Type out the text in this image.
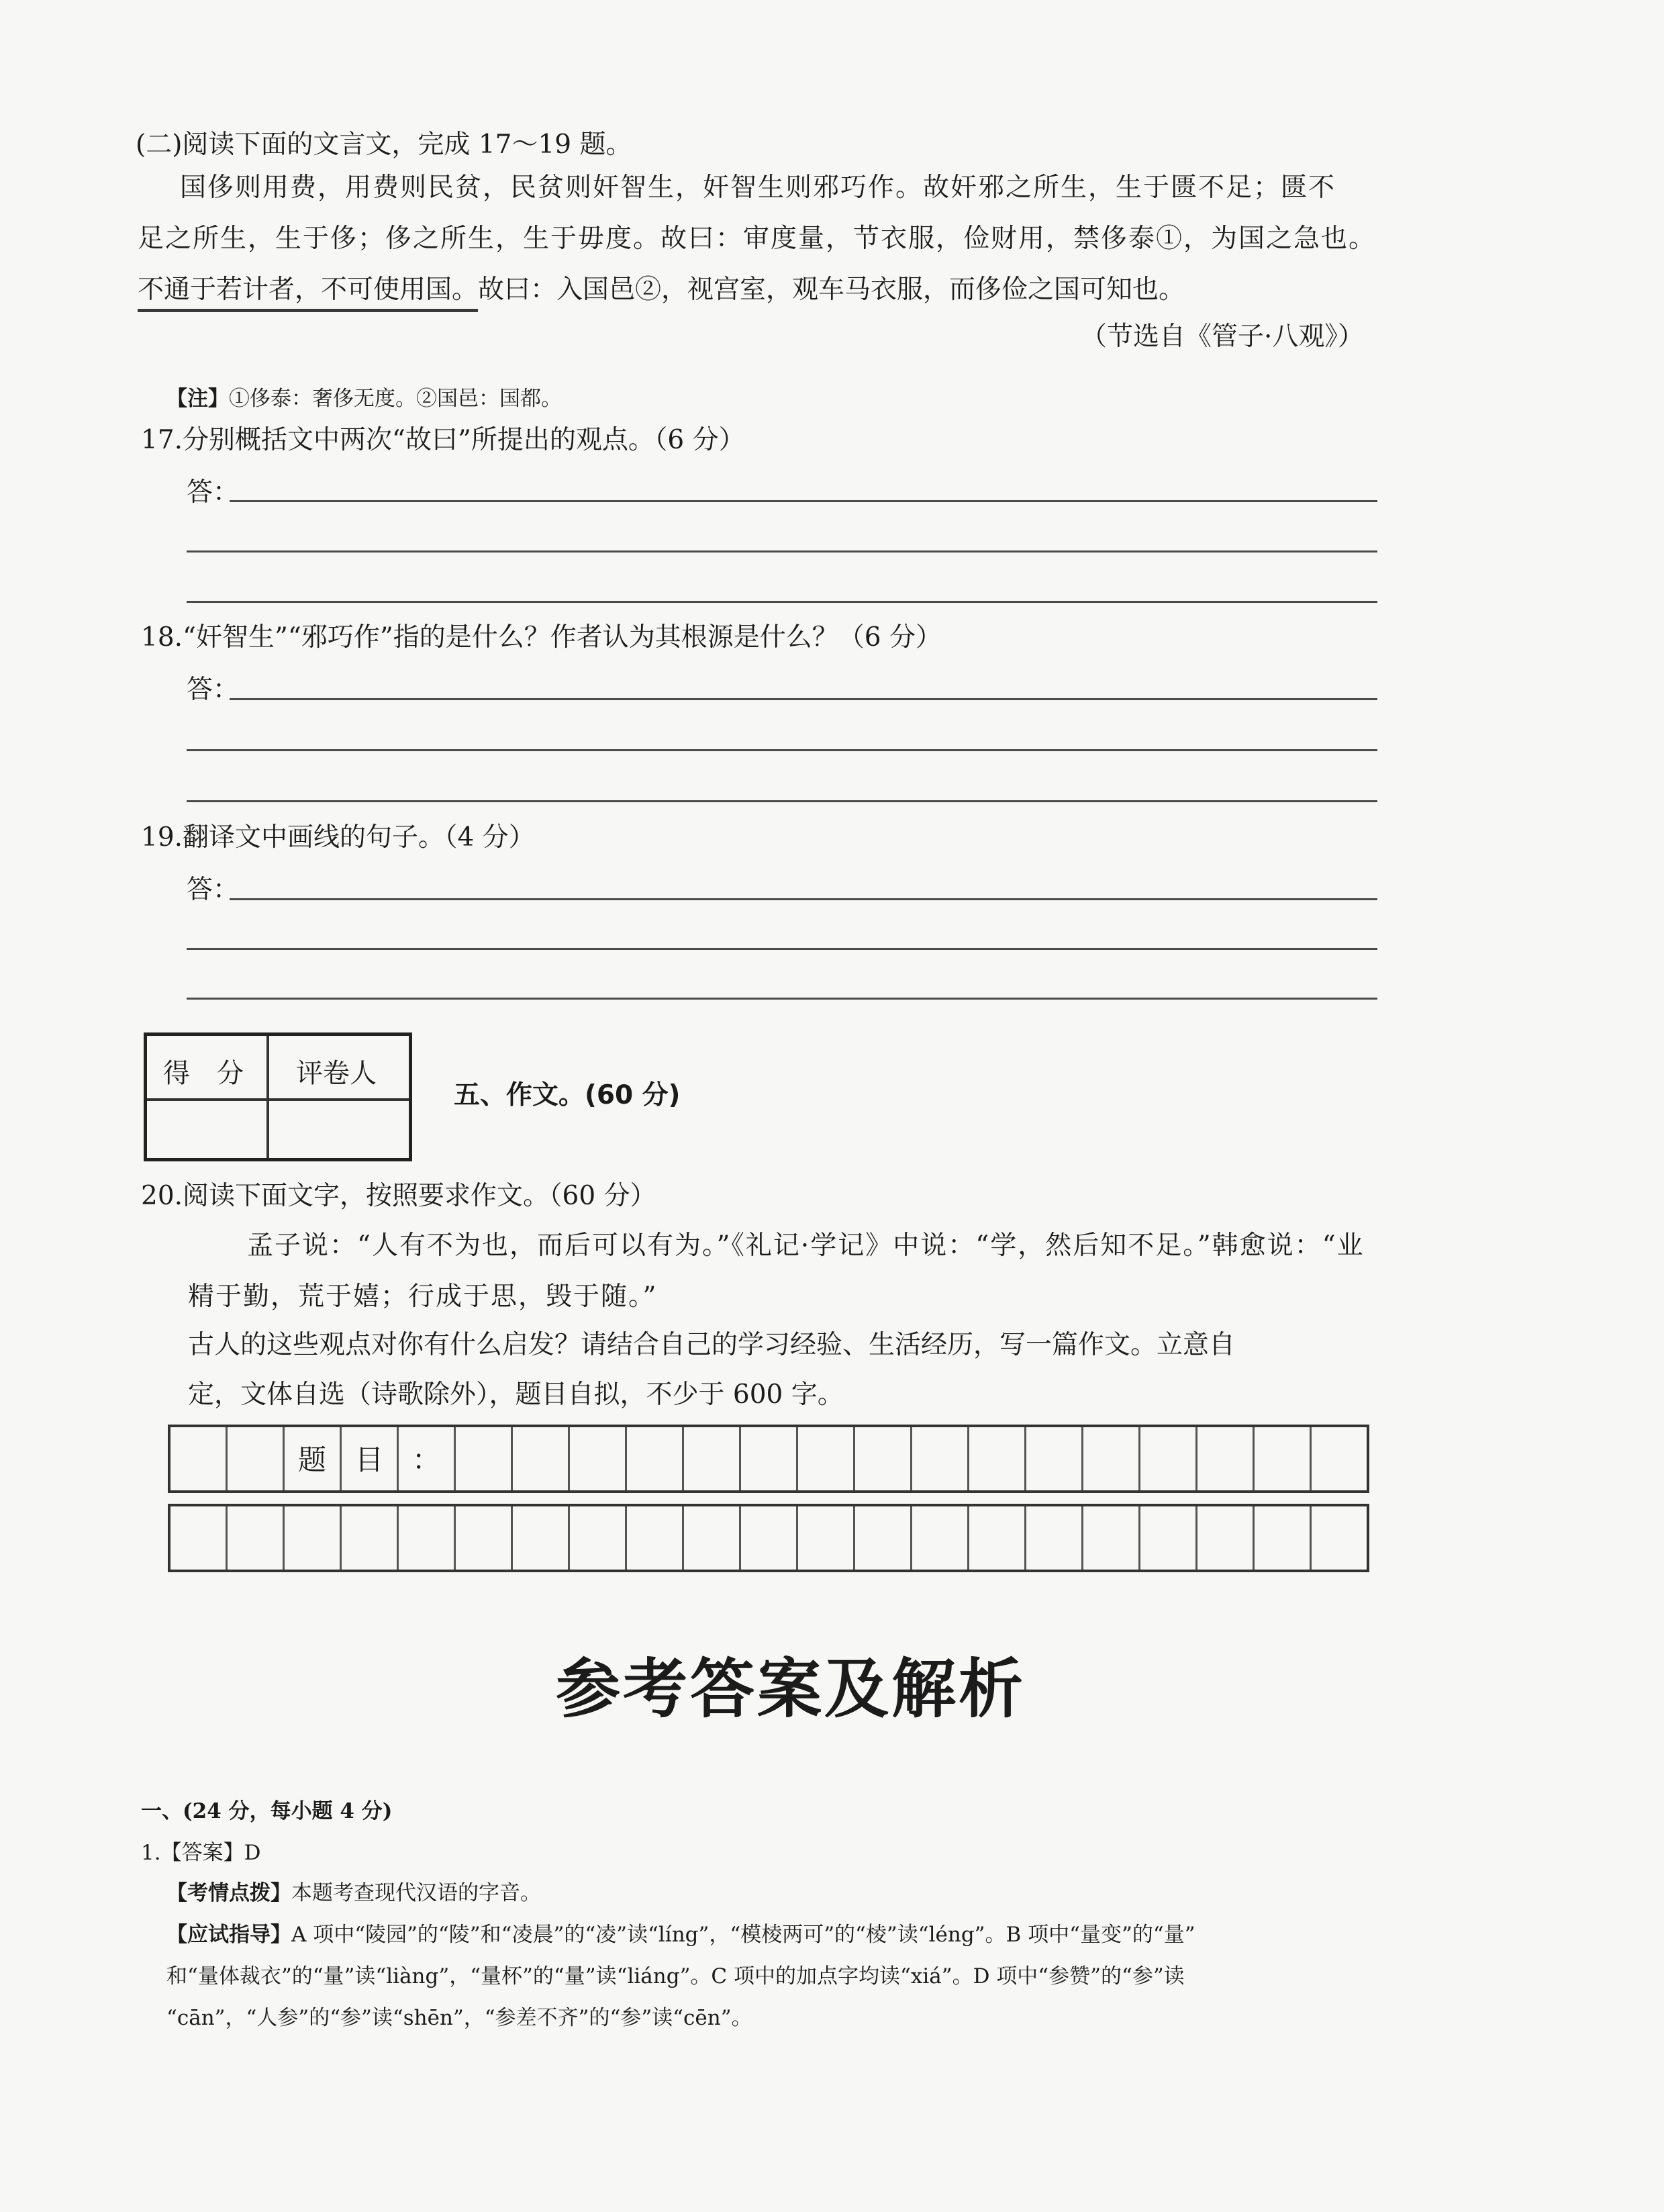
(二)阅读下面的文言文，完成 17～19 题。
国侈则用费，用费则民贫，民贫则奸智生，奸智生则邪巧作。故奸邪之所生，生于匮不足；匮不
足之所生，生于侈；侈之所生，生于毋度。故曰：审度量，节衣服，俭财用，禁侈泰①，为国之急也。
不通于若计者，不可使用国。故曰：入国邑②，视宫室，观车马衣服，而侈俭之国可知也。
（节选自《管子·八观》）
【注】①侈泰：奢侈无度。②国邑：国都。
17.分别概括文中两次“故曰”所提出的观点。（6 分）
答：
18.“奸智生”“邪巧作”指的是什么？作者认为其根源是什么？（6 分）
答：
19.翻译文中画线的句子。（4 分）
答：
得　分 评卷人
五、作文。(60 分)
20.阅读下面文字，按照要求作文。（60 分）
孟子说：“人有不为也，而后可以有为。”《礼记·学记》中说：“学，然后知不足。”韩愈说：“业
精于勤，荒于嬉；行成于思，毁于随。”
古人的这些观点对你有什么启发？请结合自己的学习经验、生活经历，写一篇作文。立意自
定，文体自选（诗歌除外），题目自拟，不少于 600 字。
题 目 ：
参考答案及解析
一、(24 分，每小题 4 分)
1.【答案】D
【考情点拨】本题考查现代汉语的字音。
【应试指导】A 项中“陵园”的“陵”和“凌晨”的“凌”读“líng”，“模棱两可”的“棱”读“léng”。B 项中“量变”的“量”
和“量体裁衣”的“量”读“liàng”，“量杯”的“量”读“liáng”。C 项中的加点字均读“xiá”。D 项中“参赞”的“参”读
“cān”，“人参”的“参”读“shēn”，“参差不齐”的“参”读“cēn”。
